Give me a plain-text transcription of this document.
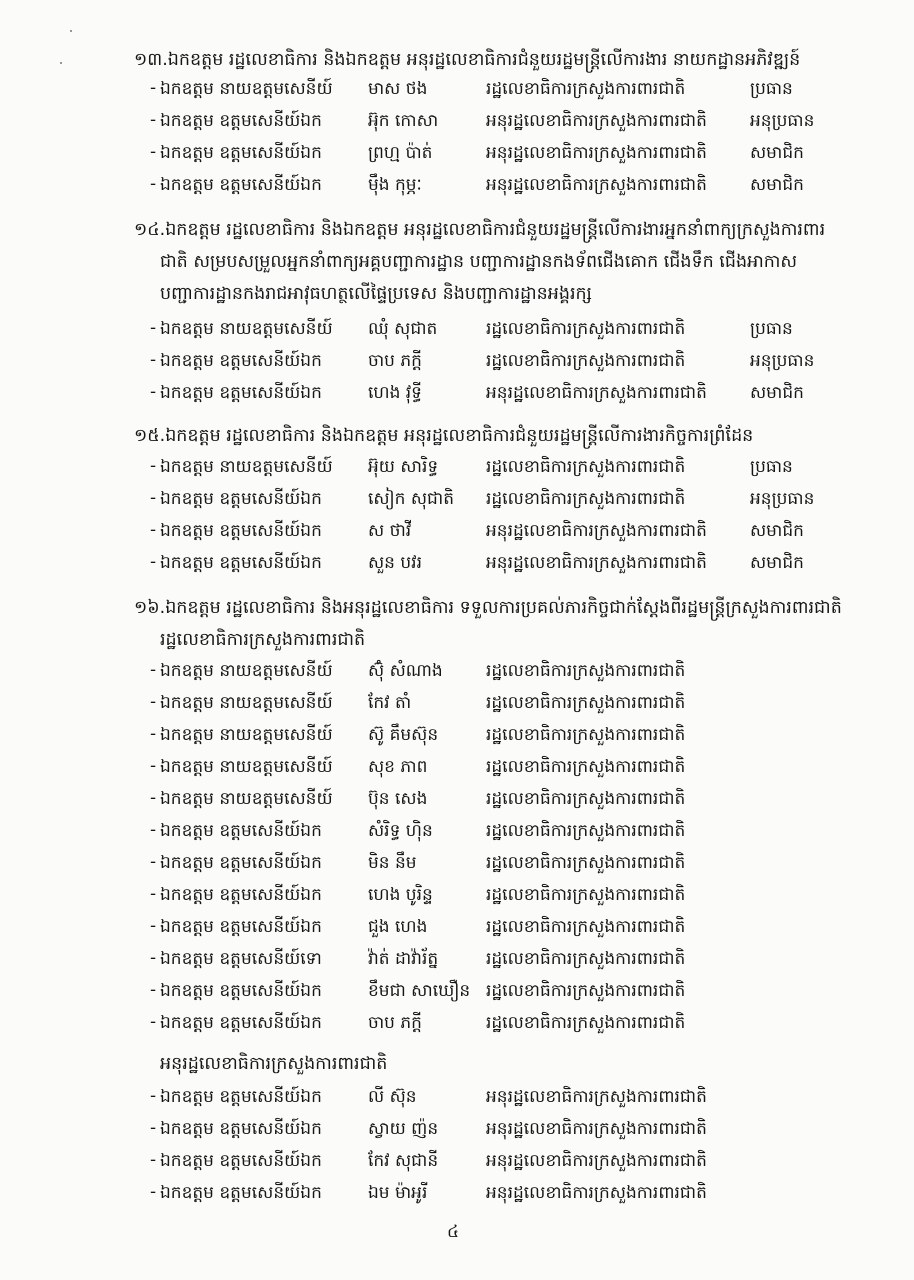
១៣.ឯកឧត្តម រដ្ឋលេខាធិការ និងឯកឧត្តម អនុរដ្ឋលេខាធិការជំនួយរដ្ឋមន្ត្រីលើការងារ នាយកដ្ឋានអភិវឌ្ឍន៍
- ឯកឧត្តម នាយឧត្តមសេនីយ៍ មាស ថង	រដ្ឋលេខាធិការក្រសួងការពារជាតិ	ប្រធាន
- ឯកឧត្តម ឧត្តមសេនីយ៍ឯក	អ៊ុក កោសា	អនុរដ្ឋលេខាធិការក្រសួងការពារជាតិ	អនុប្រធាន
- ឯកឧត្តម ឧត្តមសេនីយ៍ឯក	ព្រហ្ម ប៉ាត់	អនុរដ្ឋលេខាធិការក្រសួងការពារជាតិ	សមាជិក
- ឯកឧត្តម ឧត្តមសេនីយ៍ឯក	ម៉ឹង កុម្ភៈ	អនុរដ្ឋលេខាធិការក្រសួងការពារជាតិ	សមាជិក
១៤.ឯកឧត្តម រដ្ឋលេខាធិការ និងឯកឧត្តម អនុរដ្ឋលេខាធិការជំនួយរដ្ឋមន្ត្រីលើការងារអ្នកនាំពាក្យក្រសួងការពារ
ជាតិ សម្របសម្រួលអ្នកនាំពាក្យអគ្គបញ្ជាការដ្ឋាន បញ្ជាការដ្ឋានកងទ័ពជើងគោក ជើងទឹក ជើងអាកាស
បញ្ជាការដ្ឋានកងរាជអាវុធហត្ថលើផ្ទៃប្រទេស និងបញ្ជាការដ្ឋានអង្គរក្ស
- ឯកឧត្តម នាយឧត្តមសេនីយ៍ ឈុំ សុជាត	រដ្ឋលេខាធិការក្រសួងការពារជាតិ	ប្រធាន
- ឯកឧត្តម ឧត្តមសេនីយ៍ឯក	ចាប ភក្ដី	រដ្ឋលេខាធិការក្រសួងការពារជាតិ	អនុប្រធាន
- ឯកឧត្តម ឧត្តមសេនីយ៍ឯក	ហេង វុទ្ធី	អនុរដ្ឋលេខាធិការក្រសួងការពារជាតិ	សមាជិក
១៥.ឯកឧត្តម រដ្ឋលេខាធិការ និងឯកឧត្តម អនុរដ្ឋលេខាធិការជំនួយរដ្ឋមន្ត្រីលើការងារកិច្ចការព្រំដែន
- ឯកឧត្តម នាយឧត្តមសេនីយ៍ អ៊ុយ សារិទ្ធ	រដ្ឋលេខាធិការក្រសួងការពារជាតិ	ប្រធាន
- ឯកឧត្តម ឧត្តមសេនីយ៍ឯក	សៀក សុជាតិ រដ្ឋលេខាធិការក្រសួងការពារជាតិ	អនុប្រធាន
- ឯកឧត្តម ឧត្តមសេនីយ៍ឯក	ស ថាវី	អនុរដ្ឋលេខាធិការក្រសួងការពារជាតិ	សមាជិក
- ឯកឧត្តម ឧត្តមសេនីយ៍ឯក	សួន បវរ	អនុរដ្ឋលេខាធិការក្រសួងការពារជាតិ	សមាជិក
១៦.ឯកឧត្តម រដ្ឋលេខាធិការ និងអនុរដ្ឋលេខាធិការ ទទួលការប្រគល់ភារកិច្ចជាក់ស្ដែងពីរដ្ឋមន្ត្រីក្រសួងការពារជាតិ
រដ្ឋលេខាធិការក្រសួងការពារជាតិ
- ឯកឧត្តម នាយឧត្តមសេនីយ៍ ស៊ុំ សំណាង	រដ្ឋលេខាធិការក្រសួងការពារជាតិ
- ឯកឧត្តម នាយឧត្តមសេនីយ៍ កែវ តាំ	រដ្ឋលេខាធិការក្រសួងការពារជាតិ
- ឯកឧត្តម នាយឧត្តមសេនីយ៍ ស៊ូ គឹមស៊ុន	រដ្ឋលេខាធិការក្រសួងការពារជាតិ
- ឯកឧត្តម នាយឧត្តមសេនីយ៍ សុខ ភាព	រដ្ឋលេខាធិការក្រសួងការពារជាតិ
- ឯកឧត្តម នាយឧត្តមសេនីយ៍ ប៊ុន សេង	រដ្ឋលេខាធិការក្រសួងការពារជាតិ
- ឯកឧត្តម ឧត្តមសេនីយ៍ឯក	សំរិទ្ធ ហ៊ិន	រដ្ឋលេខាធិការក្រសួងការពារជាតិ
- ឯកឧត្តម ឧត្តមសេនីយ៍ឯក	មិន នឹម	រដ្ឋលេខាធិការក្រសួងការពារជាតិ
- ឯកឧត្តម ឧត្តមសេនីយ៍ឯក	ហេង បូរិន្ទ	រដ្ឋលេខាធិការក្រសួងការពារជាតិ
- ឯកឧត្តម ឧត្តមសេនីយ៍ឯក	ជួង ហេង	រដ្ឋលេខាធិការក្រសួងការពារជាតិ
- ឯកឧត្តម ឧត្តមសេនីយ៍ទោ	វ៉ាត់ ដាវ៉ារ័ត្ន	រដ្ឋលេខាធិការក្រសួងការពារជាតិ
- ឯកឧត្តម ឧត្តមសេនីយ៍ឯក	ខឹមជា សាឃឿន រដ្ឋលេខាធិការក្រសួងការពារជាតិ
- ឯកឧត្តម ឧត្តមសេនីយ៍ឯក	ចាប ភក្ដី	រដ្ឋលេខាធិការក្រសួងការពារជាតិ
អនុរដ្ឋលេខាធិការក្រសួងការពារជាតិ
- ឯកឧត្តម ឧត្តមសេនីយ៍ឯក	លី ស៊ុន	អនុរដ្ឋលេខាធិការក្រសួងការពារជាតិ
- ឯកឧត្តម ឧត្តមសេនីយ៍ឯក	ស្វាយ ញ៉ន	អនុរដ្ឋលេខាធិការក្រសួងការពារជាតិ
- ឯកឧត្តម ឧត្តមសេនីយ៍ឯក	កែវ សុជានី	អនុរដ្ឋលេខាធិការក្រសួងការពារជាតិ
- ឯកឧត្តម ឧត្តមសេនីយ៍ឯក	ឯម ម៉ាអូរី	អនុរដ្ឋលេខាធិការក្រសួងការពារជាតិ
៤
